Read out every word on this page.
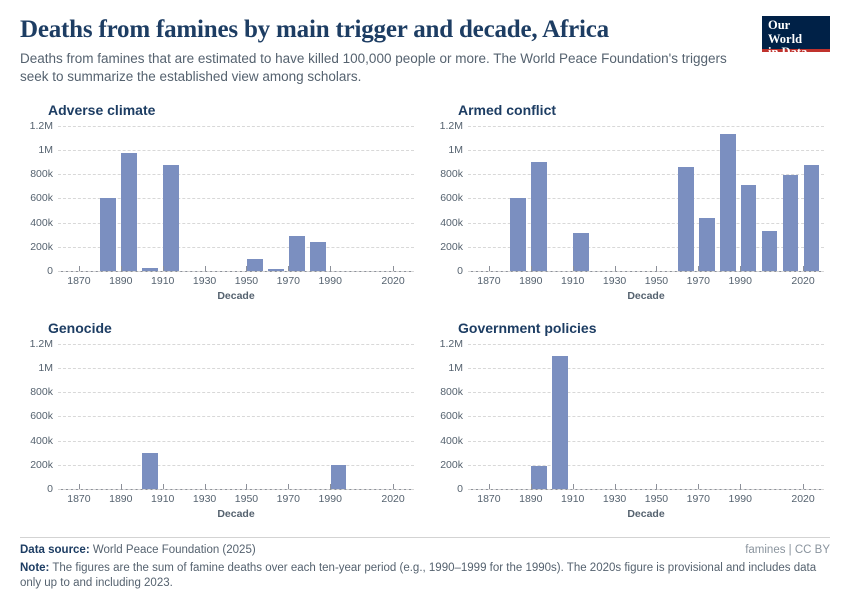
Deaths from famines by main trigger and decade, Africa

Deaths from famines that are estimated to have killed 100,000 people or more. The World Peace Foundation's triggers seek to summarize the established view among scholars.

Our World
in Data
Adverse climate
0
200k
400k
600k
800k
1M
1.2M
1870 1890 1910 1930 1950 1970 1990	2020
Decade
Armed conflict
0
200k
400k
600k
800k
1M
1.2M
1870 1890 1910 1930 1950 1970 1990	2020
Decade
Genocide
0
200k
400k
600k
800k
1M
1.2M
1870 1890 1910 1930 1950 1970 1990	2020
Decade
Government policies
0
200k
400k
600k
800k
1M
1.2M
1870 1890 1910 1930 1950 1970 1990	2020
Decade
Data source: World Peace Foundation (2025)	famines | CC BY
Note: The figures are the sum of famine deaths over each ten-year period (e.g., 1990–1999 for the 1990s). The 2020s figure is provisional and includes data only up to and including 2023.
